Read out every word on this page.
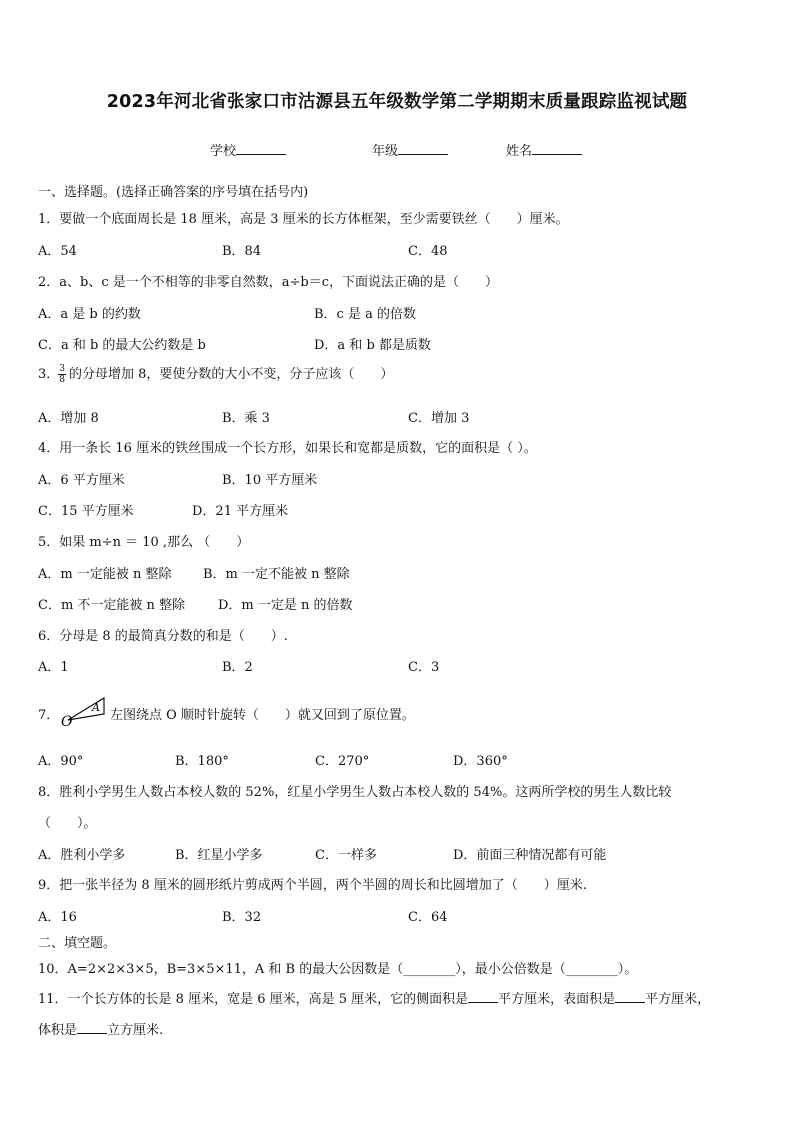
2023年河北省张家口市沽源县五年级数学第二学期期末质量跟踪监视试题
学校	年级	姓名
一、选择题。(选择正确答案的序号填在括号内)
1．要做一个底面周长是 18 厘米，高是 3 厘米的长方体框架，至少需要铁丝（　　）厘米。
A．54	B．84	C．48
2．a、b、c 是一个不相等的非零自然数，a÷b＝c，下面说法正确的是（　　）
A．a 是 b 的约数	B．c 是 a 的倍数
C．a 和 b 的最大公约数是 b	D．a 和 b 都是质数
3． $\frac{3}{8}$ 的分母增加 8，要使分数的大小不变，分子应该（　　）
A．增加 8	B．乘 3	C．增加 3
4．用一条长 16 厘米的铁丝围成一个长方形，如果长和宽都是质数，它的面积是（ ）。
A．6 平方厘米	B．10 平方厘米
C．15 平方厘米	D．21 平方厘米
5．如果 m÷n ＝ 10 ,那么 （　　）
A．m 一定能被 n 整除 B．m 一定不能被 n 整除
C．m 不一定能被 n 整除	D．m 一定是 n 的倍数
6．分母是 8 的最简真分数的和是（　　）.
A．1	B．2	C．3
7． O
A
左图绕点 O 顺时针旋转（　　）就又回到了原位置。
A．90°	B．180°	C．270°	D．360°
8．胜利小学男生人数占本校人数的 52%，红星小学男生人数占本校人数的 54%。这两所学校的男生人数比较
（　　）。
A．胜利小学多	B．红星小学多	C．一样多	D．前面三种情况都有可能
9．把一张半径为 8 厘米的圆形纸片剪成两个半圆，两个半圆的周长和比圆增加了（　　）厘米.
A．16	B．32	C．64
二、填空题。
10．A=2×2×3×5，B=3×5×11，A 和 B 的最大公因数是（________），最小公倍数是（________）。
11．一个长方体的长是 8 厘米，宽是 6 厘米，高是 5 厘米，它的侧面积是 平方厘米，表面积是 平方厘米，
体积是 立方厘米.
